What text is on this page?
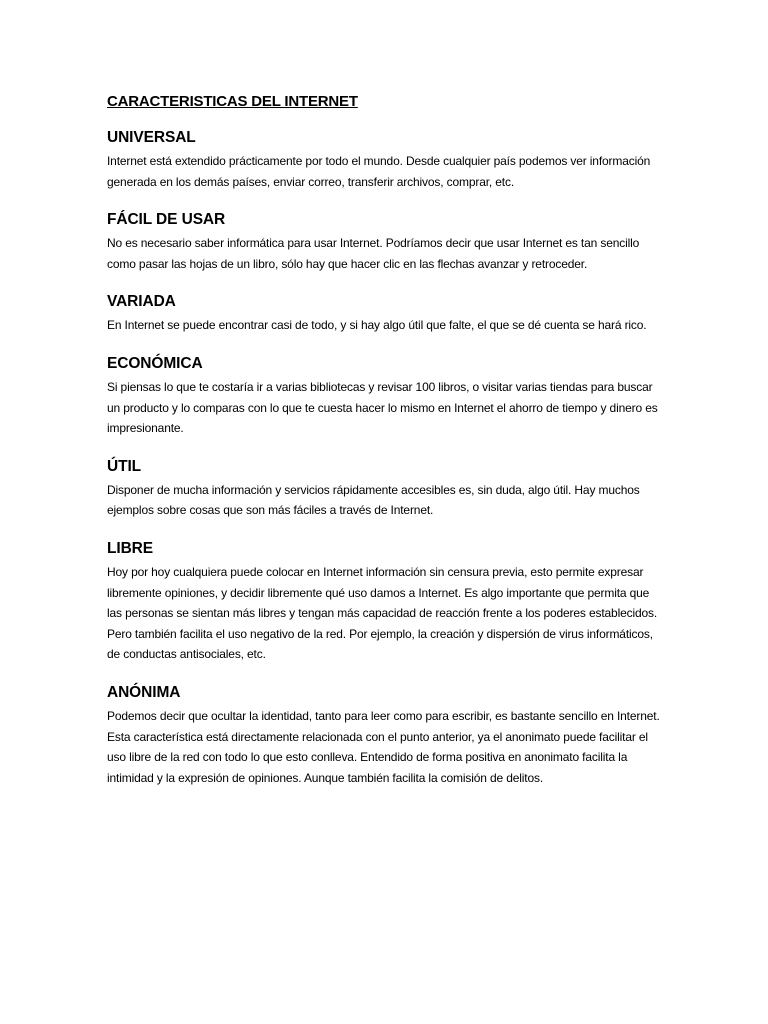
CARACTERISTICAS DEL INTERNET
UNIVERSAL

Internet está extendido prácticamente por todo el mundo. Desde cualquier país podemos ver información generada en los demás países, enviar correo, transferir archivos, comprar, etc.

FÁCIL DE USAR

No es necesario saber informática para usar Internet. Podríamos decir que usar Internet es tan sencillo como pasar las hojas de un libro, sólo hay que hacer clic en las flechas avanzar y retroceder.

VARIADA

En Internet se puede encontrar casi de todo, y si hay algo útil que falte, el que se dé cuenta se hará rico.

ECONÓMICA

Si piensas lo que te costaría ir a varias bibliotecas y revisar 100 libros, o visitar varias tiendas para buscar un producto y lo comparas con lo que te cuesta hacer lo mismo en Internet el ahorro de tiempo y dinero es impresionante.

ÚTIL

Disponer de mucha información y servicios rápidamente accesibles es, sin duda, algo útil. Hay muchos ejemplos sobre cosas que son más fáciles a través de Internet.

LIBRE

Hoy por hoy cualquiera puede colocar en Internet información sin censura previa, esto permite expresar libremente opiniones, y decidir libremente qué uso damos a Internet. Es algo importante que permita que las personas se sientan más libres y tengan más capacidad de reacción frente a los poderes establecidos. Pero también facilita el uso negativo de la red. Por ejemplo, la creación y dispersión de virus informáticos, de conductas antisociales, etc.

ANÓNIMA

Podemos decir que ocultar la identidad, tanto para leer como para escribir, es bastante sencillo en Internet. Esta característica está directamente relacionada con el punto anterior, ya el anonimato puede facilitar el uso libre de la red con todo lo que esto conlleva. Entendido de forma positiva en anonimato facilita la intimidad y la expresión de opiniones. Aunque también facilita la comisión de delitos.
